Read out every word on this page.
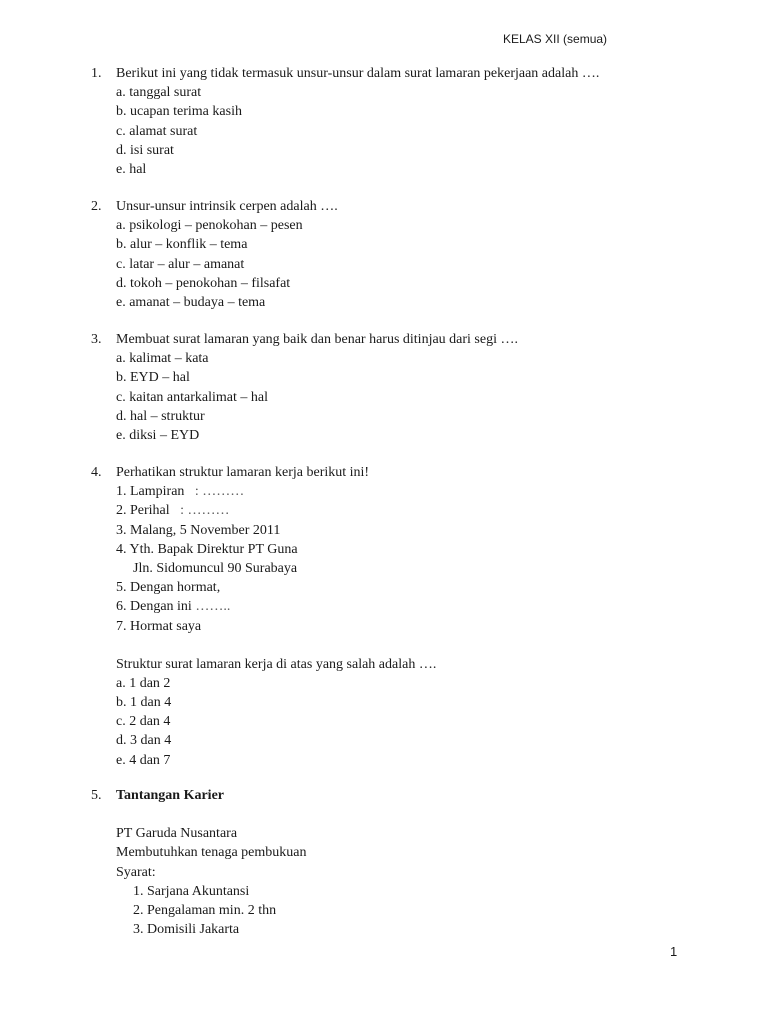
KELAS XII (semua)
1. Berikut ini yang tidak termasuk unsur-unsur dalam surat lamaran pekerjaan adalah ….
a. tanggal surat
b. ucapan terima kasih
c. alamat surat
d. isi surat
e. hal
2. Unsur-unsur intrinsik cerpen adalah ….
a. psikologi – penokohan – pesen
b. alur – konflik – tema
c. latar – alur – amanat
d. tokoh – penokohan – filsafat
e. amanat – budaya – tema
3. Membuat surat lamaran yang baik dan benar harus ditinjau dari segi ….
a. kalimat – kata
b. EYD – hal
c. kaitan antarkalimat – hal
d. hal – struktur
e. diksi – EYD
4. Perhatikan struktur lamaran kerja berikut ini!
1. Lampiran   : ………
2. Perihal   : ………
3. Malang, 5 November 2011
4. Yth. Bapak Direktur PT Guna
Jln. Sidomuncul 90 Surabaya
5. Dengan hormat,
6. Dengan ini ……..
7. Hormat saya
Struktur surat lamaran kerja di atas yang salah adalah ….
a. 1 dan 2
b. 1 dan 4
c. 2 dan 4
d. 3 dan 4
e. 4 dan 7
5. Tantangan Karier
PT Garuda Nusantara
Membutuhkan tenaga pembukuan
Syarat:
1. Sarjana Akuntansi
2. Pengalaman min. 2 thn
3. Domisili Jakarta
1
